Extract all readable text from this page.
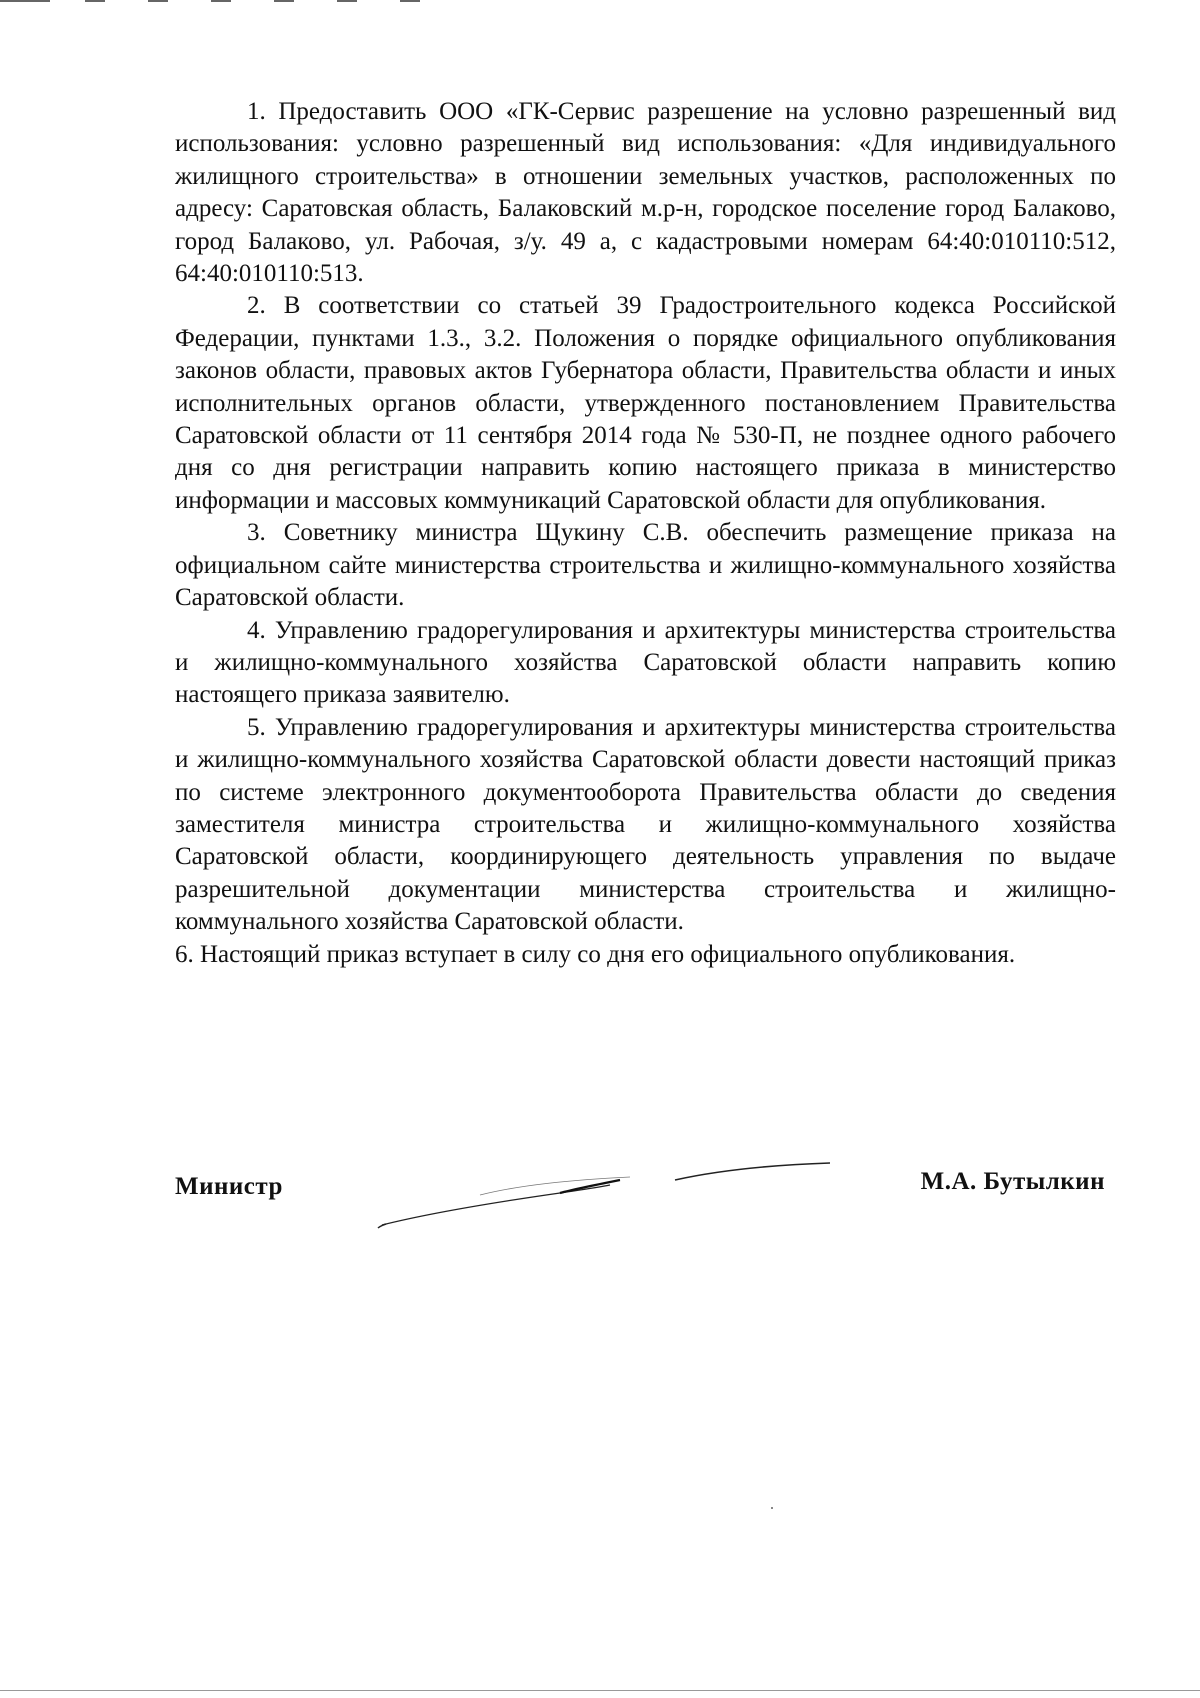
1. Предоставить ООО «ГК-Сервис разрешение на условно разрешенный вид использования: условно разрешенный вид использования: «Для индивидуального жилищного строительства» в отношении земельных участков, расположенных по адресу: Саратовская область, Балаковский м.р-н, городское поселение город Балаково, город Балаково, ул. Рабочая, з/у. 49 а, с кадастровыми номерам 64:40:010110:512, 64:40:010110:513.

2. В соответствии со статьей 39 Градостроительного кодекса Российской Федерации, пунктами 1.3., 3.2. Положения о порядке официального опубликования законов области, правовых актов Губернатора области, Правительства области и иных исполнительных органов области, утвержденного постановлением Правительства Саратовской области от 11 сентября 2014 года № 530-П, не позднее одного рабочего дня со дня регистрации направить копию настоящего приказа в министерство информации и массовых коммуникаций Саратовской области для опубликования.

3. Советнику министра Щукину С.В. обеспечить размещение приказа на официальном сайте министерства строительства и жилищно-коммунального хозяйства Саратовской области.

4. Управлению градорегулирования и архитектуры министерства строительства и жилищно-коммунального хозяйства Саратовской области направить копию настоящего приказа заявителю.

5. Управлению градорегулирования и архитектуры министерства строительства и жилищно-коммунального хозяйства Саратовской области довести настоящий приказ по системе электронного документооборота Правительства области до сведения заместителя министра строительства и жилищно-коммунального хозяйства Саратовской области, координирующего деятельность управления по выдаче разрешительной документации министерства строительства и жилищно-коммунального хозяйства Саратовской области.

6. Настоящий приказ вступает в силу со дня его официального опубликования.

Министр	М.А. Бутылкин
